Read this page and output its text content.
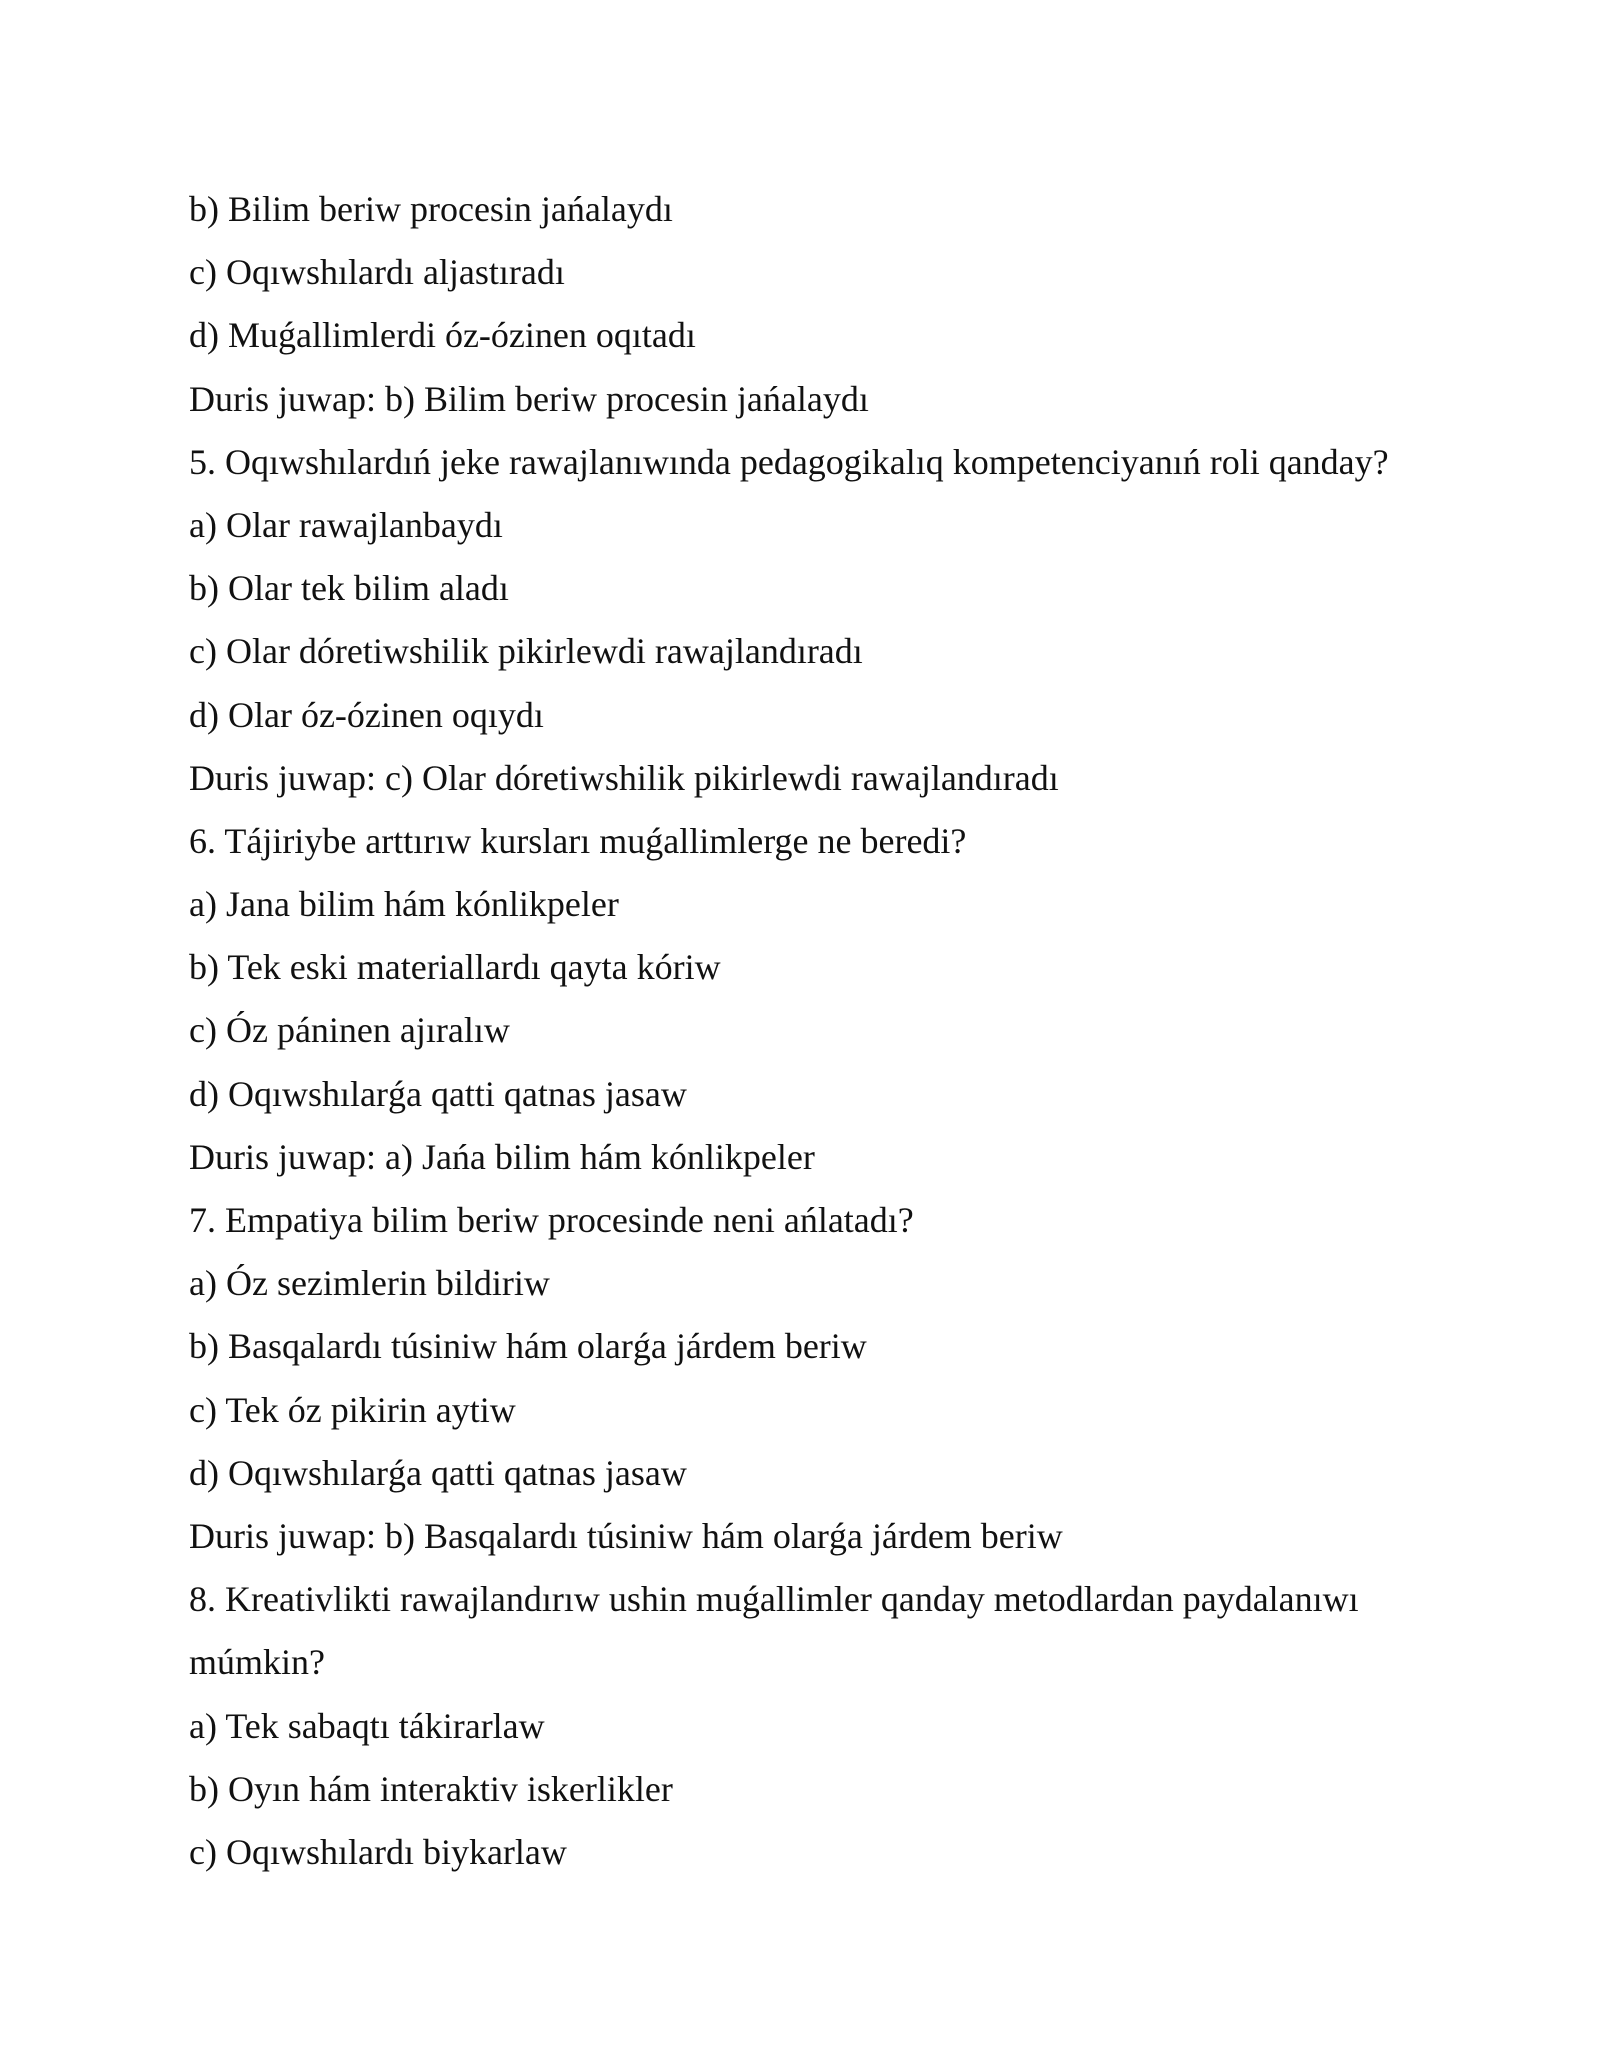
b) Bilim beriw procesin jańalaydı
c) Oqıwshılardı aljastıradı
d) Muǵallimlerdi óz-ózinen oqıtadı
Duris juwap: b) Bilim beriw procesin jańalaydı
5. Oqıwshılardıń jeke rawajlanıwında pedagogikalıq kompetenciyanıń roli qanday?
a) Olar rawajlanbaydı
b) Olar tek bilim aladı
c) Olar dóretiwshilik pikirlewdi rawajlandıradı
d) Olar óz-ózinen oqıydı
Duris juwap: c) Olar dóretiwshilik pikirlewdi rawajlandıradı
6. Tájiriybe arttırıw kursları muǵallimlerge ne beredi?
a) Jana bilim hám kónlikpeler
b) Tek eski materiallardı qayta kóriw
c) Óz páninen ajıralıw
d) Oqıwshılarǵa qatti qatnas jasaw
Duris juwap: a) Jańa bilim hám kónlikpeler
7. Empatiya bilim beriw procesinde neni ańlatadı?
a) Óz sezimlerin bildiriw
b) Basqalardı túsiniw hám olarǵa járdem beriw
c) Tek óz pikirin aytiw
d) Oqıwshılarǵa qatti qatnas jasaw
Duris juwap: b) Basqalardı túsiniw hám olarǵa járdem beriw
8. Kreativlikti rawajlandırıw ushin muǵallimler qanday metodlardan paydalanıwı
múmkin?
a) Tek sabaqtı tákirarlaw
b) Oyın hám interaktiv iskerlikler
c) Oqıwshılardı biykarlaw
